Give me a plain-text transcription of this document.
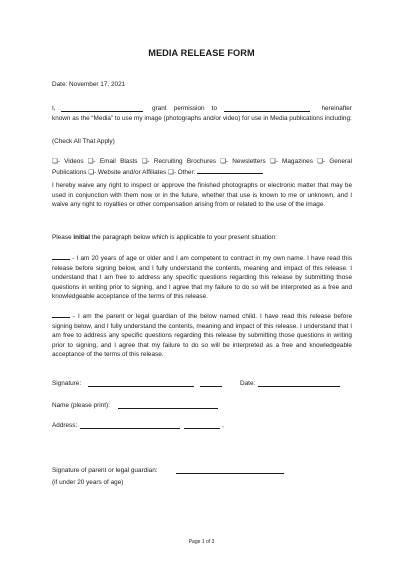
MEDIA RELEASE FORM
Date: November 17, 2021
I,	grant    permission    to	hereinafter
known as the “Media” to use my image (photographs and/or video) for use in Media publications including:
(Check All That Apply)
❏- Videos ❏- Email Blasts ❏- Recruiting Brochures ❏- Newsletters ❏- Magazines ❏- General Publications ❏- Website and/or Affiliates ❏- Other:
I hereby waive any right to inspect or approve the finished photographs or electronic matter that may be used in conjunction with them now or in the future, whether that use is known to me or unknown, and I waive any right to royalties or other compensation arising from or related to the use of the image.
Please initial the paragraph below which is applicable to your present situation:
- I am 20 years of age or older and I am competent to contract in my own name. I have read this release before signing below, and I fully understand the contents, meaning and impact of this release. I understand that I am free to address any specific questions regarding this release by submitting those questions in writing prior to signing, and I agree that my failure to do so will be interpreted as a free and knowledgeable acceptance of the terms of this release.
- I am the parent or legal guardian of the below named child. I have read this release before signing below, and I fully understand the contents, meaning and impact of this release. I understand that I am free to address any specific questions regarding this release by submitting those questions in writing prior to signing, and I agree that my failure to do so will be interpreted as a free and knowledgeable acceptance of the terms of this release.
Signature:	Date:
Name (please print):
Address:	,
Signature of parent or legal guardian:
(if under 20 years of age)
Page 1 of 3
